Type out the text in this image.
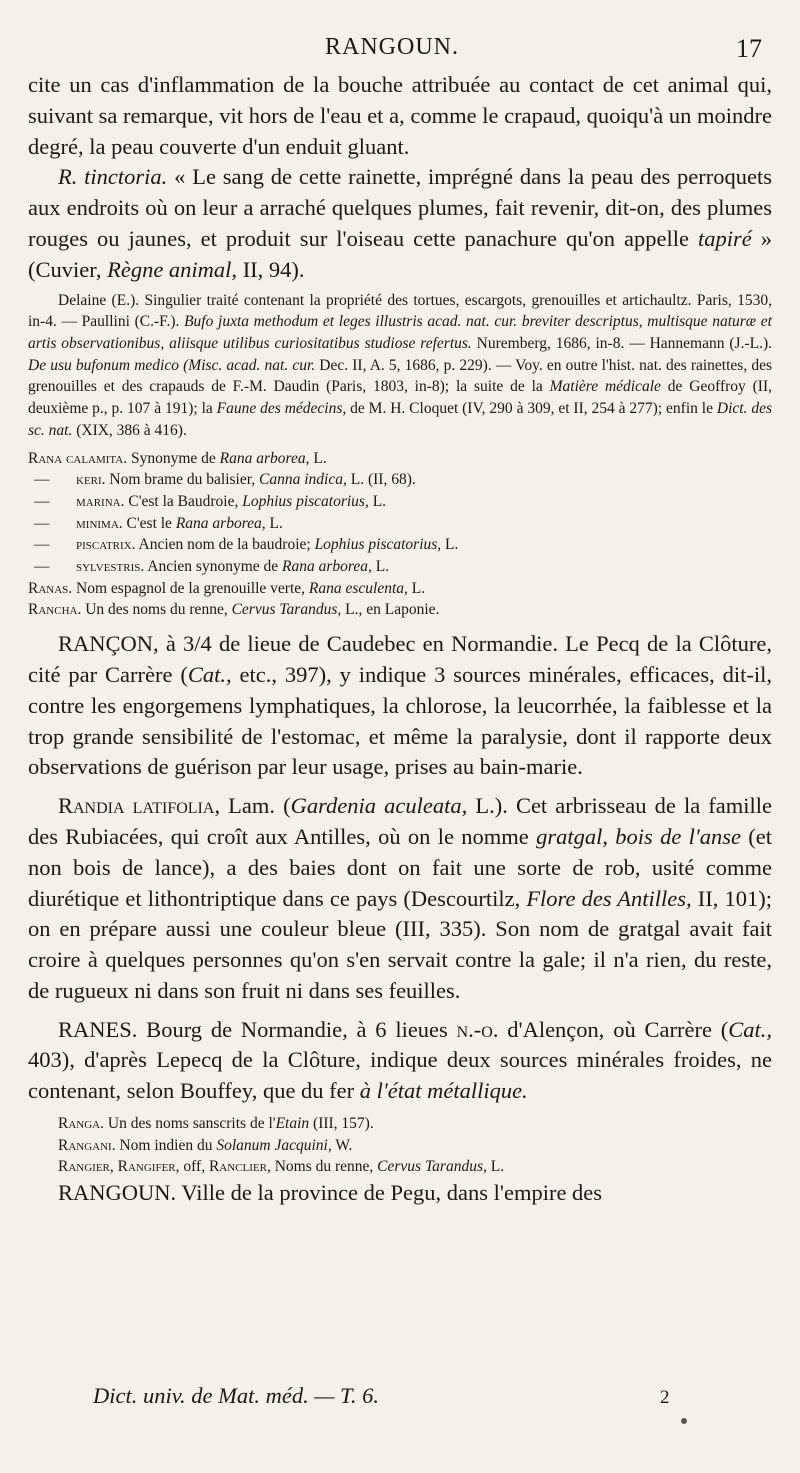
RANGOUN.	17

cite un cas d'inflammation de la bouche attribuée au contact de cet animal qui, suivant sa remarque, vit hors de l'eau et a, comme le crapaud, quoiqu'à un moindre degré, la peau couverte d'un enduit gluant.

R. tinctoria. « Le sang de cette rainette, imprégné dans la peau des perroquets aux endroits où on leur a arraché quelques plumes, fait revenir, dit-on, des plumes rouges ou jaunes, et produit sur l'oiseau cette panachure qu'on appelle tapiré » (Cuvier, Règne animal, II, 94).

Delaine (E.). Singulier traité contenant la propriété des tortues, escargots, grenouilles et artichaultz. Paris, 1530, in-4. — Paullini (C.-F.). Bufo juxta methodum et leges illustris acad. nat. cur. breviter descriptus, multisque naturæ et artis observationibus, aliisque utilibus curiositatibus studiose refertus. Nuremberg, 1686, in-8. — Hannemann (J.-L.). De usu bufonum medico (Misc. acad. nat. cur. Dec. II, A. 5, 1686, p. 229). — Voy. en outre l'hist. nat. des rainettes, des grenouilles et des crapauds de F.-M. Daudin (Paris, 1803, in-8); la suite de la Matière médicale de Geoffroy (II, deuxième p., p. 107 à 191); la Faune des médecins, de M. H. Cloquet (IV, 290 à 309, et II, 254 à 277); enfin le Dict. des sc. nat. (XIX, 386 à 416).

Rana calamita. Synonyme de Rana arborea, L.
— keri. Nom brame du balisier, Canna indica, L. (II, 68).
— marina. C'est la Baudroie, Lophius piscatorius, L.
— minima. C'est le Rana arborea, L.
— piscatrix. Ancien nom de la baudroie; Lophius piscatorius, L.
— sylvestris. Ancien synonyme de Rana arborea, L.
Ranas. Nom espagnol de la grenouille verte, Rana esculenta, L.
Rancha. Un des noms du renne, Cervus Tarandus, L., en Laponie.

RANÇON, à 3/4 de lieue de Caudebec en Normandie. Le Pecq de la Clôture, cité par Carrère (Cat., etc., 397), y indique 3 sources minérales, efficaces, dit-il, contre les engorgemens lymphatiques, la chlorose, la leucorrhée, la faiblesse et la trop grande sensibilité de l'estomac, et même la paralysie, dont il rapporte deux observations de guérison par leur usage, prises au bain-marie.

Randia latifolia, Lam. (Gardenia aculeata, L.). Cet arbrisseau de la famille des Rubiacées, qui croît aux Antilles, où on le nomme gratgal, bois de l'anse (et non bois de lance), a des baies dont on fait une sorte de rob, usité comme diurétique et lithontriptique dans ce pays (Descourtilz, Flore des Antilles, II, 101); on en prépare aussi une couleur bleue (III, 335). Son nom de gratgal avait fait croire à quelques personnes qu'on s'en servait contre la gale; il n'a rien, du reste, de rugueux ni dans son fruit ni dans ses feuilles.

RANES. Bourg de Normandie, à 6 lieues n.-o. d'Alençon, où Carrère (Cat., 403), d'après Lepecq de la Clôture, indique deux sources minérales froides, ne contenant, selon Bouffey, que du fer à l'état métallique.

Ranga. Un des noms sanscrits de l'Etain (III, 157).
Rangani. Nom indien du Solanum Jacquini, W.
Rangier, Rangifer, off, Ranclier, Noms du renne, Cervus Tarandus, L.

RANGOUN. Ville de la province de Pegu, dans l'empire des

Dict. univ. de Mat. méd. — T. 6.	2
